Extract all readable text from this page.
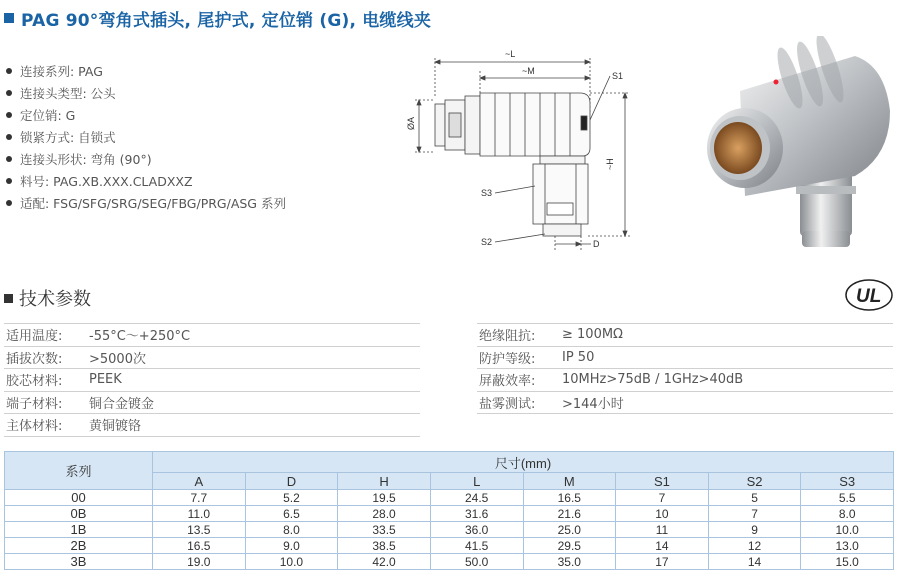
PAG 90°弯角式插头, 尾护式, 定位销 (G), 电缆线夹
连接系列: PAG
连接头类型: 公头
定位销: G
锁紧方式: 自锁式
连接头形状: 弯角 (90°)
料号: PAG.XB.XXX.CLADXXZ
适配: FSG/SFG/SRG/SEG/FBG/PRG/ASG 系列
~L
~M	S1
ØA
~H
S3
S2	D
技术参数	UL
适用温度:	-55°C～+250°C
插拔次数:	>5000次
胶芯材料:	PEEK
端子材料:	铜合金镀金
主体材料:	黄铜镀铬
绝缘阻抗:	≥ 100MΩ
防护等级:	IP 50
屏蔽效率:	10MHz>75dB / 1GHz>40dB
盐雾测试:	>144小时
系列	尺寸(mm)							
	A	D	H	L	M	S1	S2	S3
00	7.7	5.2	19.5	24.5	16.5	7	5	5.5
0B	11.0	6.5	28.0	31.6	21.6	10	7	8.0
1B	13.5	8.0	33.5	36.0	25.0	11	9	10.0
2B	16.5	9.0	38.5	41.5	29.5	14	12	13.0
3B	19.0	10.0	42.0	50.0	35.0	17	14	15.0
